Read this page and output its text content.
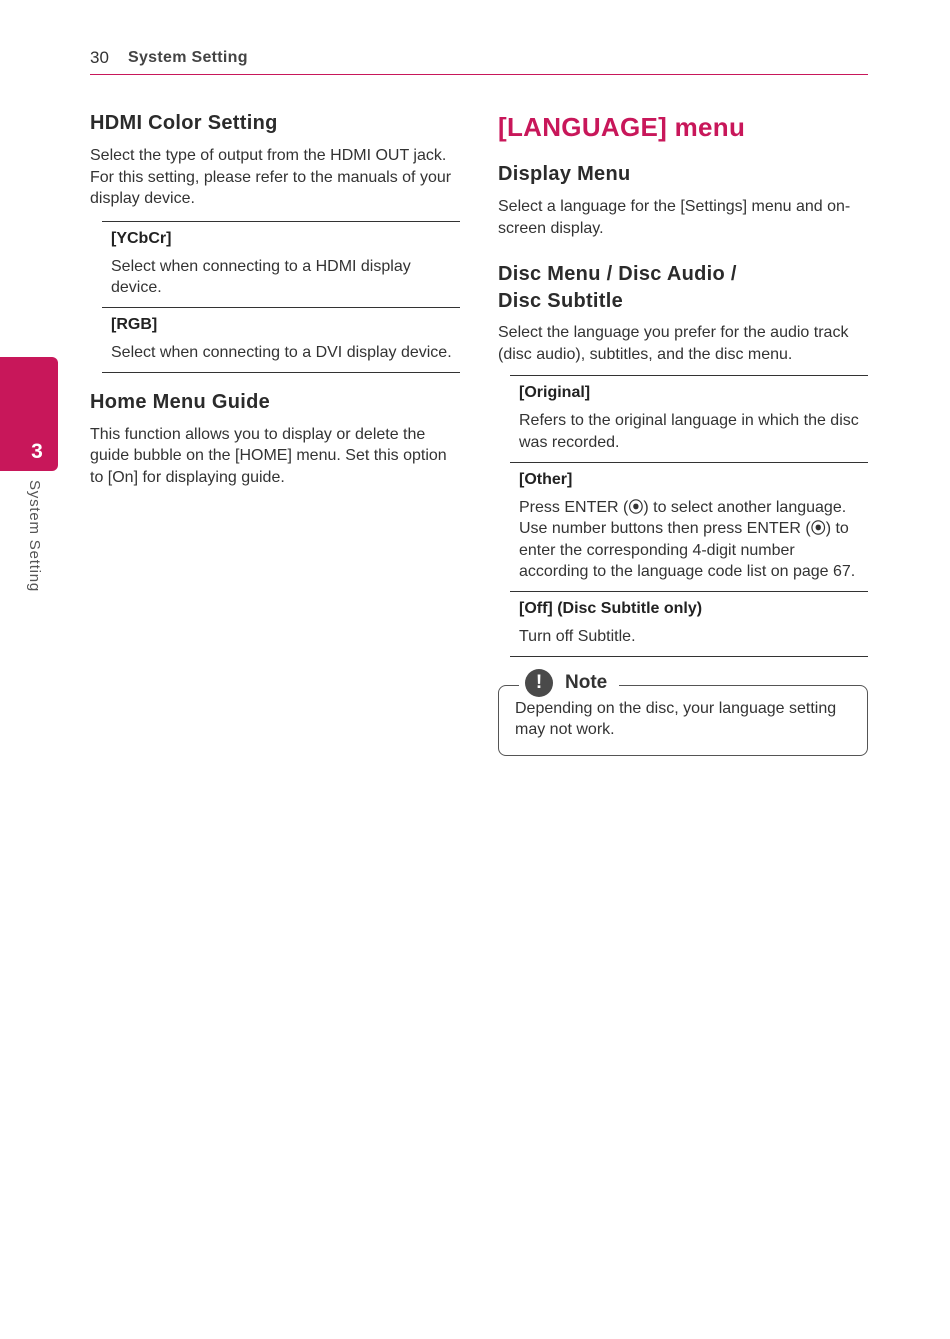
30 System Setting
3
System Setting
HDMI Color Setting

Select the type of output from the HDMI OUT jack. For this setting, please refer to the manuals of your display device.

[YCbCr]
Select when connecting to a HDMI display device.
[RGB]
Select when connecting to a DVI display device.
Home Menu Guide

This function allows you to display or delete the guide bubble on the [HOME] menu. Set this option to [On] for displaying guide.

[LANGUAGE] menu
Display Menu

Select a language for the [Settings] menu and on-screen display.

Disc Menu / Disc Audio /
Disc Subtitle

Select the language you prefer for the audio track (disc audio), subtitles, and the disc menu.

[Original]
Refers to the original language in which the disc was recorded.
[Other]
Press ENTER (⦿) to select another language. Use number buttons then press ENTER (⦿) to enter the corresponding 4-digit number according to the language code list on page 67.
[Off] (Disc Subtitle only)
Turn off Subtitle.
!	Note

Depending on the disc, your language setting may not work.
